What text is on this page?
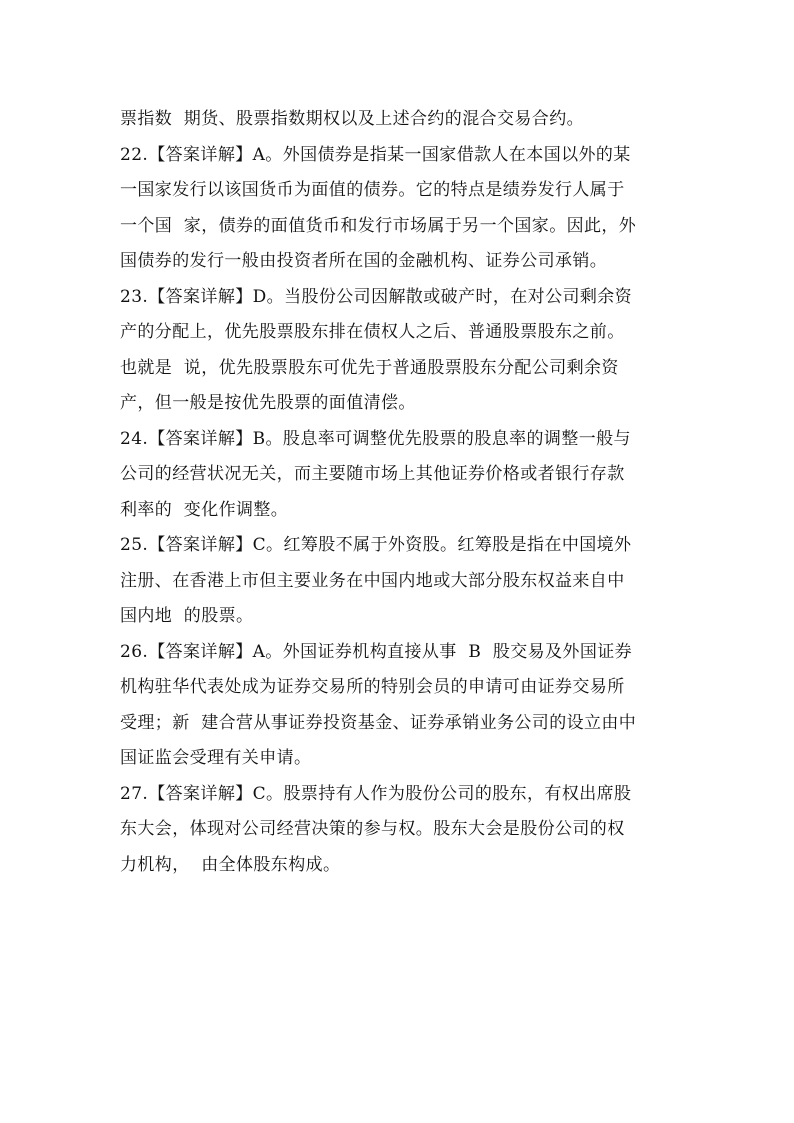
票指数  期货、股票指数期权以及上述合约的混合交易合约。
22.【答案详解】A。外国债券是指某一国家借款人在本国以外的某
一国家发行以该国货币为面值的债券。它的特点是绩券发行人属于
一个国  家，债券的面值货币和发行市场属于另一个国家。因此，外
国债券的发行一般由投资者所在国的金融机构、证券公司承销。
23.【答案详解】D。当股份公司因解散或破产时，在对公司剩余资
产的分配上，优先股票股东排在债权人之后、普通股票股东之前。
也就是  说，优先股票股东可优先于普通股票股东分配公司剩余资
产，但一般是按优先股票的面值清偿。
24.【答案详解】B。股息率可调整优先股票的股息率的调整一般与
公司的经营状况无关，而主要随市场上其他证券价格或者银行存款
利率的  变化作调整。
25.【答案详解】C。红筹股不属于外资股。红筹股是指在中国境外
注册、在香港上市但主要业务在中国内地或大部分股东权益来自中
国内地  的股票。
26.【答案详解】A。外国证券机构直接从事  B  股交易及外国证券
机构驻华代表处成为证券交易所的特别会员的申请可由证券交易所
受理；新  建合营从事证券投资基金、证券承销业务公司的设立由中
国证监会受理有关申请。
27.【答案详解】C。股票持有人作为股份公司的股东，有权出席股
东大会，体现对公司经营决策的参与权。股东大会是股份公司的权
力机构，  由全体股东构成。
